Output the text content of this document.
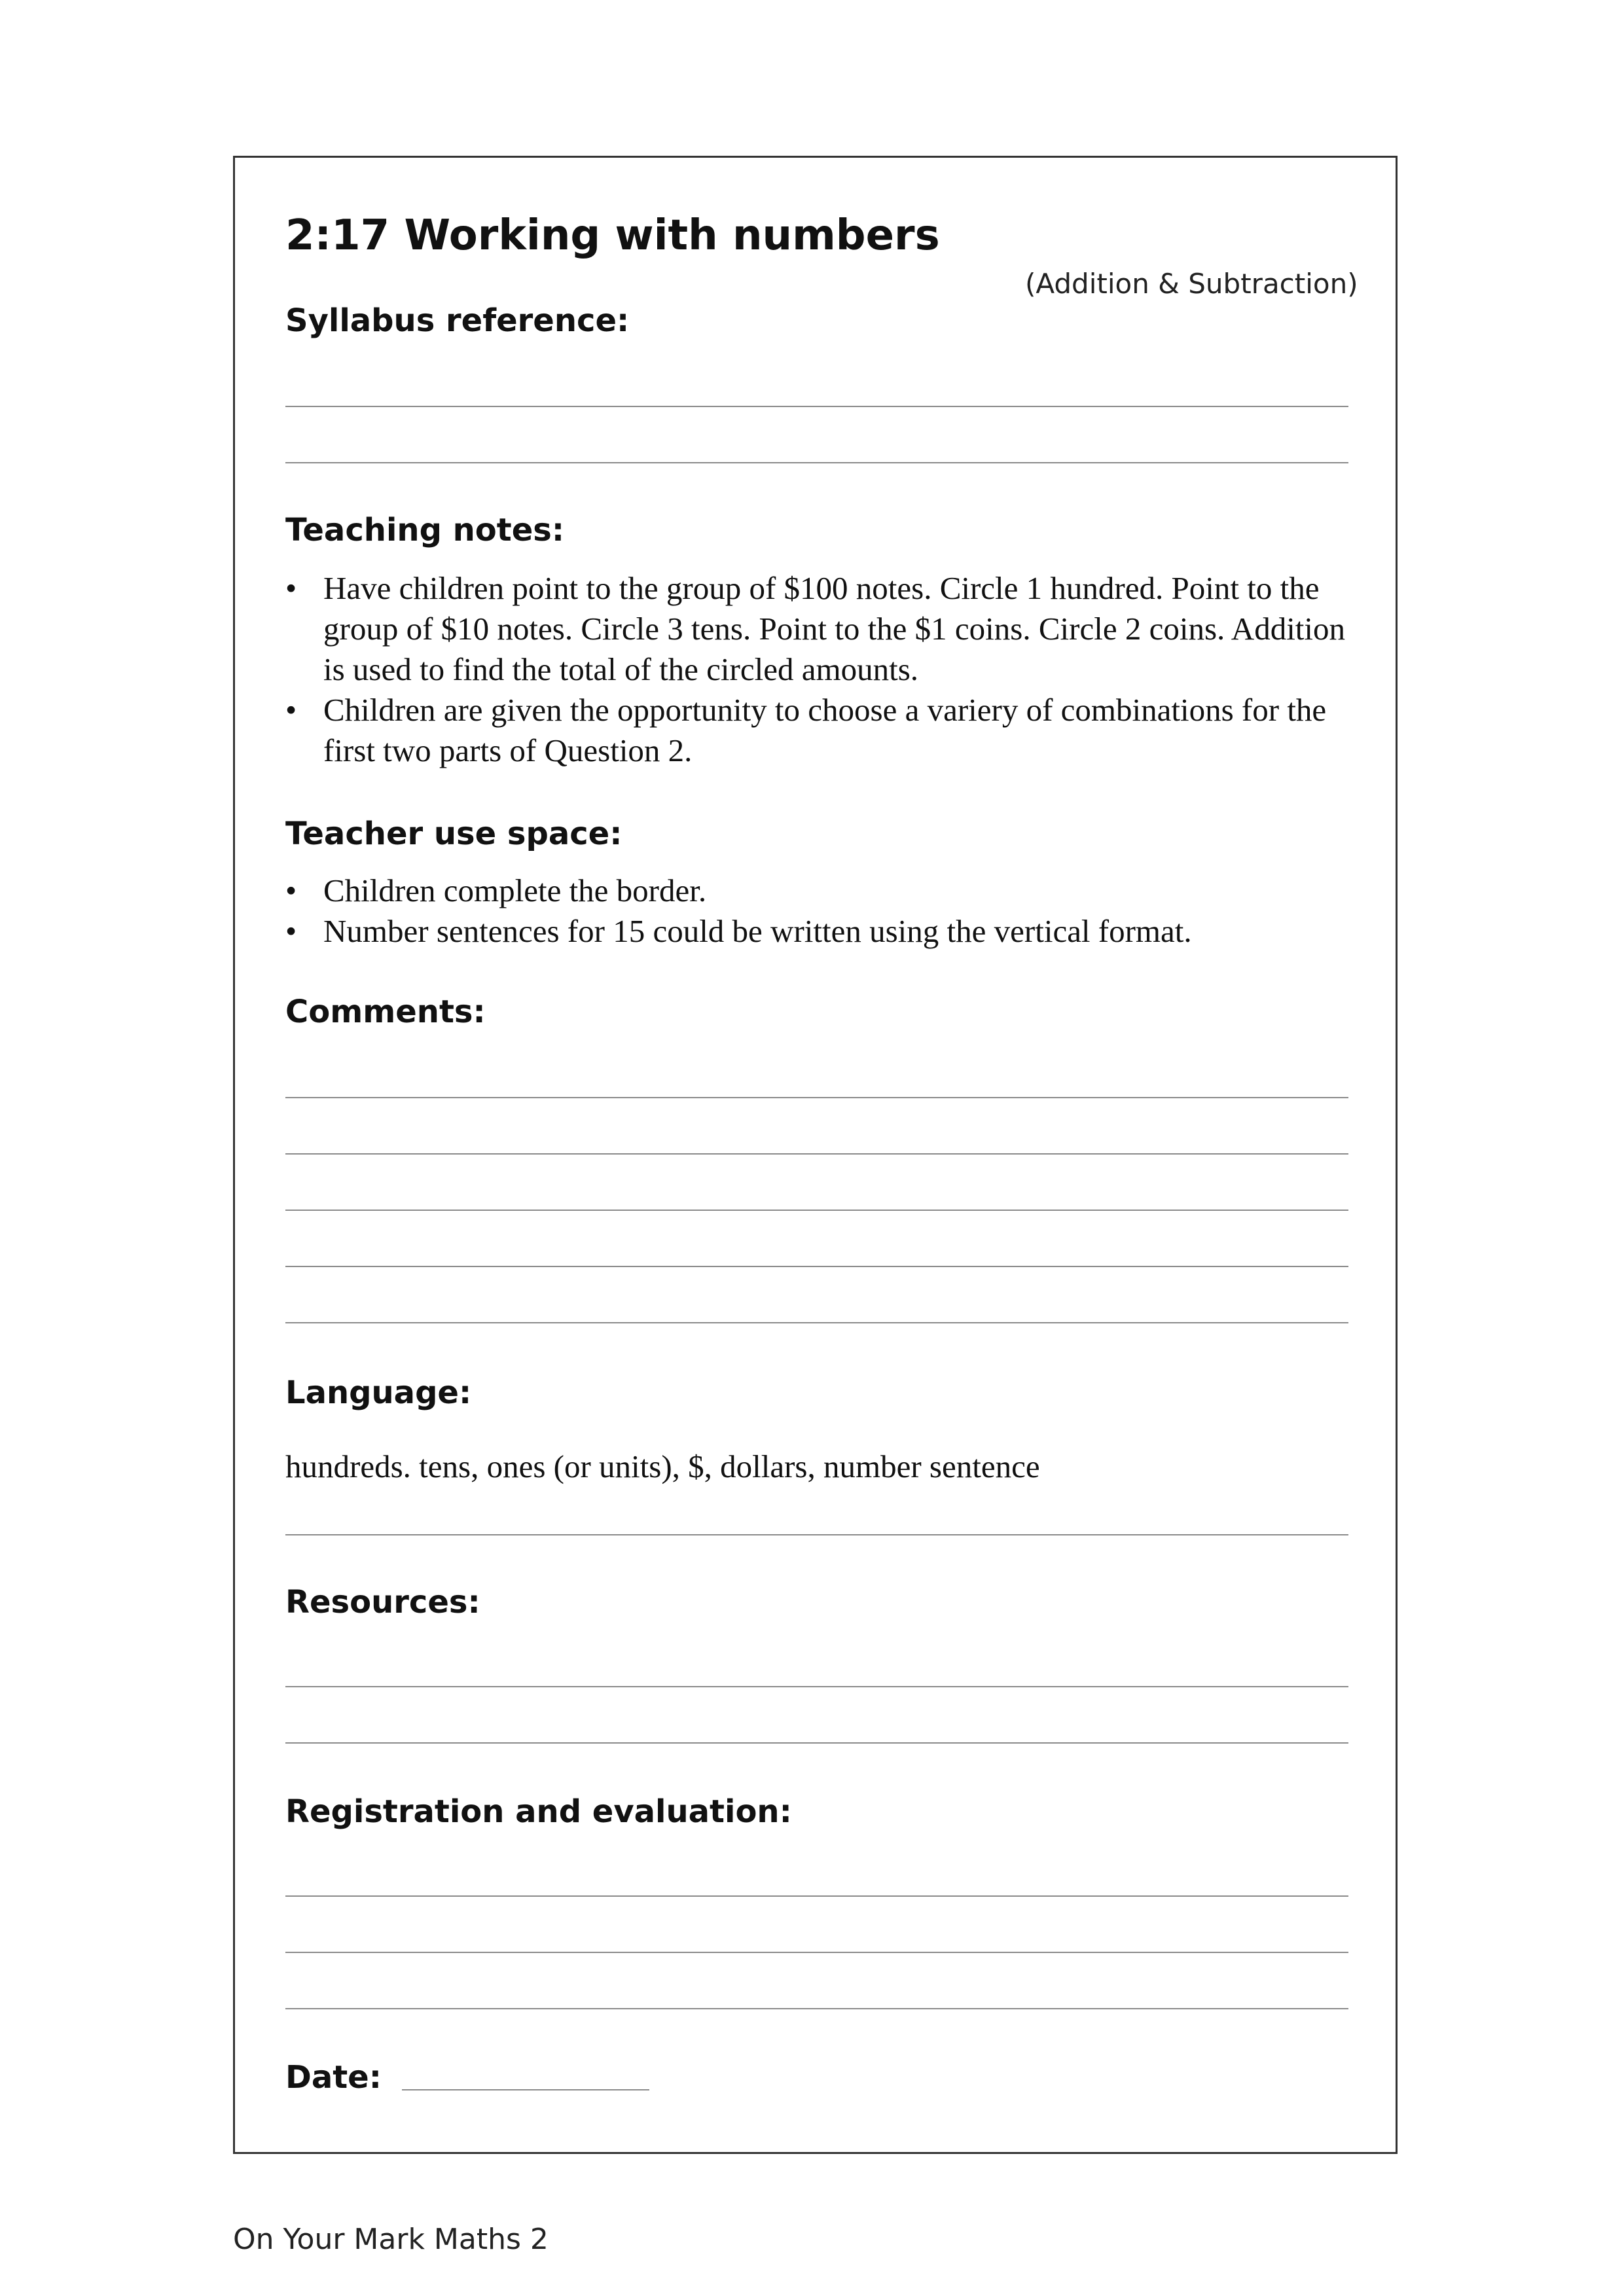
2:17 Working with numbers
(Addition & Subtraction)
Syllabus reference:
Teaching notes:
• Have children point to the group of $100 notes. Circle 1 hundred. Point to the group of $10 notes. Circle 3 tens. Point to the $1 coins. Circle 2 coins. Addition is used to find the total of the circled amounts.
• Children are given the opportunity to choose a variery of combinations for the first two parts of Question 2.
Teacher use space:
• Children complete the border.
• Number sentences for 15 could be written using the vertical format.
Comments:
Language:
hundreds. tens, ones (or units), $, dollars, number sentence
Resources:
Registration and evaluation:
Date:
On Your Mark Maths 2
